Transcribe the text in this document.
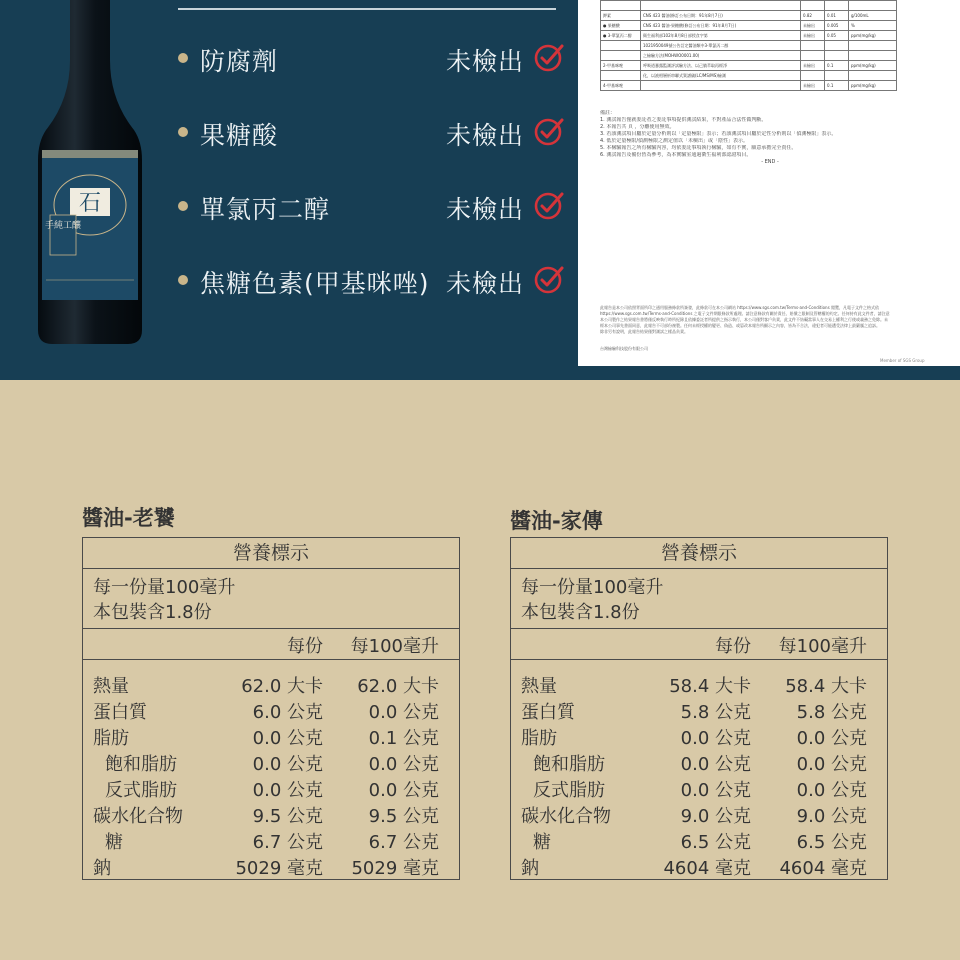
石
手純工釀
防腐劑	未檢出
果糖酸	未檢出
單氯丙二醇	未檢出
焦糖色素(甲基咪唑) 未檢出

鉀素	CNS 423 醬油(修訂公布日期：91年8月7日)	0.82	0.01	g/100mL
● 果糖酸	CNS 423 醬油-果糖酸(修訂公布日期：91年8月7日)	未檢出	0.005	%
● 3-單氯丙二醇	衛生福利部102年8月8日部授食字第	未檢出	0.05	ppm(mg/kg)
	1021950049號公告訂定醬油類中3-單氯丙二醇			
	之檢驗方法(MOHWO0001.00)			
2-甲基咪唑	呼吸道暴露監測評試驗方法、以己腈萃取再經淨	未檢出	0.1	ppm(mg/kg)
	化，以液相層析串聯式質譜儀(LC/MS/MS)檢測			
4-甲基咪唑		未檢出	0.1	ppm(mg/kg)
備註：
1. 測試報告僅就委託者之委託事項提供測試結果，不對產品合法性做判斷。
2. 本報告共 頁 ，分離使用無效。
3. 若該測試項目屬於定量分析則以「定量極限」表示；若該測試項目屬於定性分析則以「偵測極限」表示。
4. 低於定量極限/偵測極限之測定值以「未檢出」或「陰性」表示。
5. 本檢驗報告之所有檢驗內容，均依委託事項執行檢驗，如有不實，願意承擔完全責任。
6. 測試報告及備份皆為參考，為本實驗室通過衛生福利部認證項目。
- END -
此報告是本公司依照背面所印之通用服務條款所簽發，此條款可在本公司網站 https://www.sgs.com.tw/Terms-and-Conditions 閱覽，凡電子文件之格式依
https://www.sgs.com.tw/Terms-and-Conditions 之電子文件期限條款所處理。請注意條款有關於責任、賠償之限制及管轄權的約定。任何持有此文件者，請注意
本公司製作之結果報告書將僅反映執行時所紀錄且依據委託者所提供之指示執行，本公司僅對客戶負責，此文件不妨礙當事人在交易上權利之行使或義務之免除。未
經本公司事先書面同意，此報告不可部份複製。任何未經授權的變更、偽造、或篡改本報告所顯示之內容，皆為不合法，違犯者可能遭受法律上最嚴厲之追訴。
除非另有說明，此報告結果僅對測試之樣品負責。
台灣檢驗科技股份有限公司
Member of SGS Group
醬油-老饕	醬油-家傳
營養標示
每一份量100毫升
本包裝含1.8份
每份 每100毫升
熱量	62.0 大卡 62.0 大卡
蛋白質	6.0 公克	0.0 公克
脂肪	0.0 公克	0.1 公克
飽和脂肪	0.0 公克	0.0 公克
反式脂肪	0.0 公克	0.0 公克
碳水化合物	9.5 公克	9.5 公克
糖	6.7 公克	6.7 公克
鈉	5029 毫克 5029 毫克
營養標示
每一份量100毫升
本包裝含1.8份
每份 每100毫升
熱量	58.4 大卡 58.4 大卡
蛋白質	5.8 公克	5.8 公克
脂肪	0.0 公克	0.0 公克
飽和脂肪	0.0 公克	0.0 公克
反式脂肪	0.0 公克	0.0 公克
碳水化合物	9.0 公克	9.0 公克
糖	6.5 公克	6.5 公克
鈉	4604 毫克 4604 毫克
